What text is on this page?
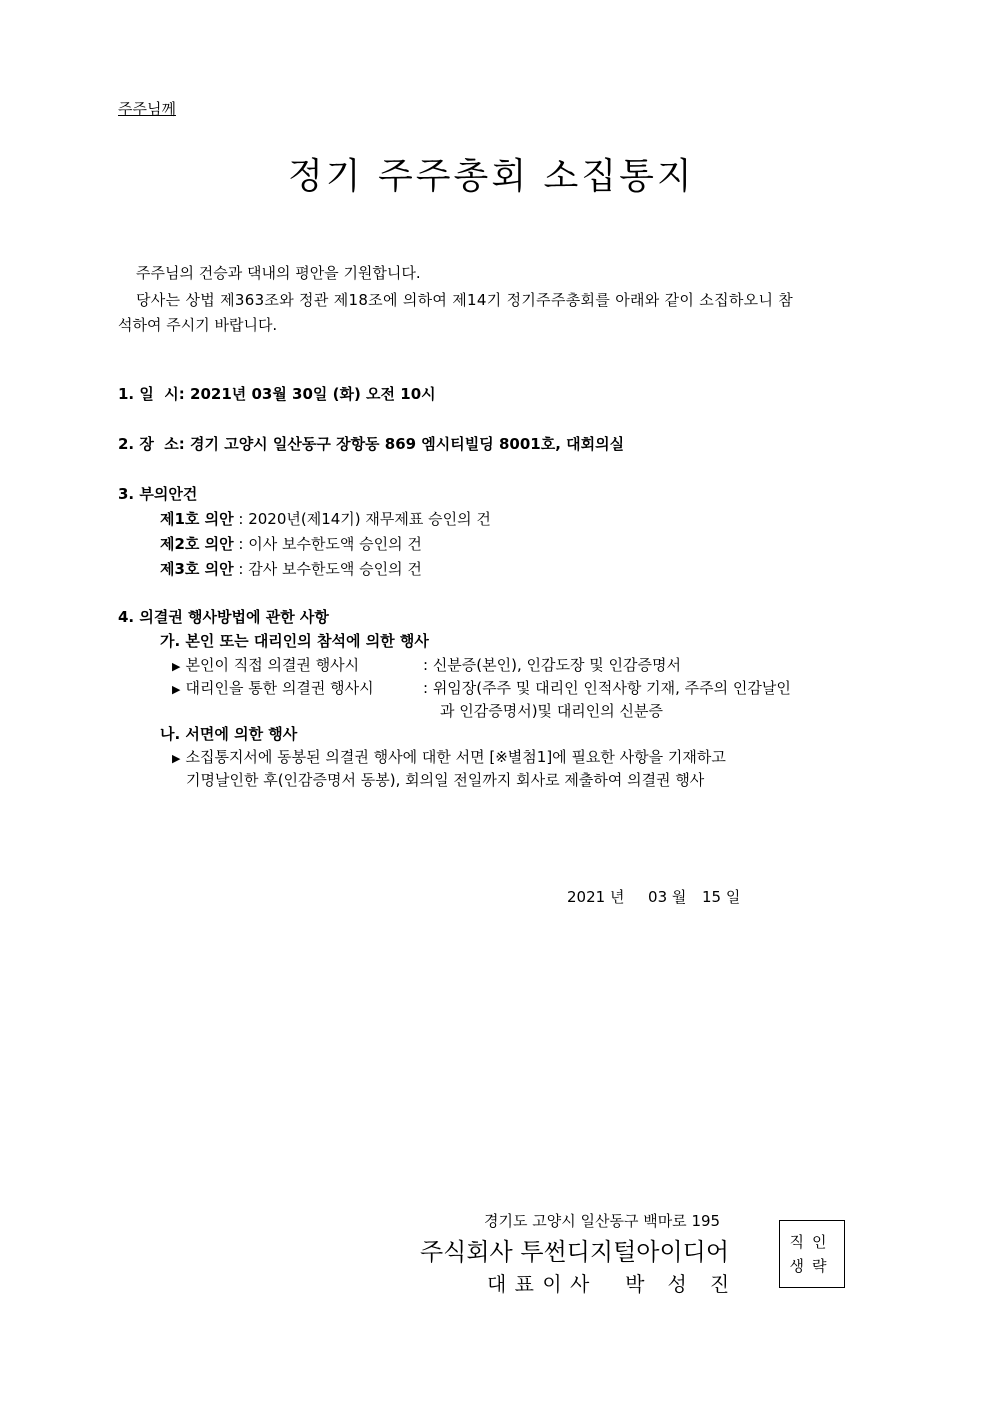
주주님께
정기 주주총회 소집통지
주주님의 건승과 댁내의 평안을 기원합니다.
당사는 상법 제363조와 정관 제18조에 의하여 제14기 정기주주총회를 아래와 같이 소집하오니 참
석하여 주시기 바랍니다.
1. 일  시: 2021년 03월 30일 (화) 오전 10시
2. 장  소: 경기 고양시 일산동구 장항동 869 엠시티빌딩 8001호, 대회의실
3. 부의안건
제1호 의안 : 2020년(제14기) 재무제표 승인의 건
제2호 의안 : 이사 보수한도액 승인의 건
제3호 의안 : 감사 보수한도액 승인의 건
4. 의결권 행사방법에 관한 사항
가. 본인 또는 대리인의 참석에 의한 행사
▶ 본인이 직접 의결권 행사시	: 신분증(본인), 인감도장 및 인감증명서
▶ 대리인을 통한 의결권 행사시	: 위임장(주주 및 대리인 인적사항 기재, 주주의 인감날인
과 인감증명서)및 대리인의 신분증
나. 서면에 의한 행사
▶ 소집통지서에 동봉된 의결권 행사에 대한 서면 [※별첨1]에 필요한 사항을 기재하고
기명날인한 후(인감증명서 동봉), 회의일 전일까지 회사로 제출하여 의결권 행사
2021 년 03 월 15 일
경기도 고양시 일산동구 백마로 195
주식회사 투썬디지털아이디어
대 표 이 사 박   성   진
직인
생략
